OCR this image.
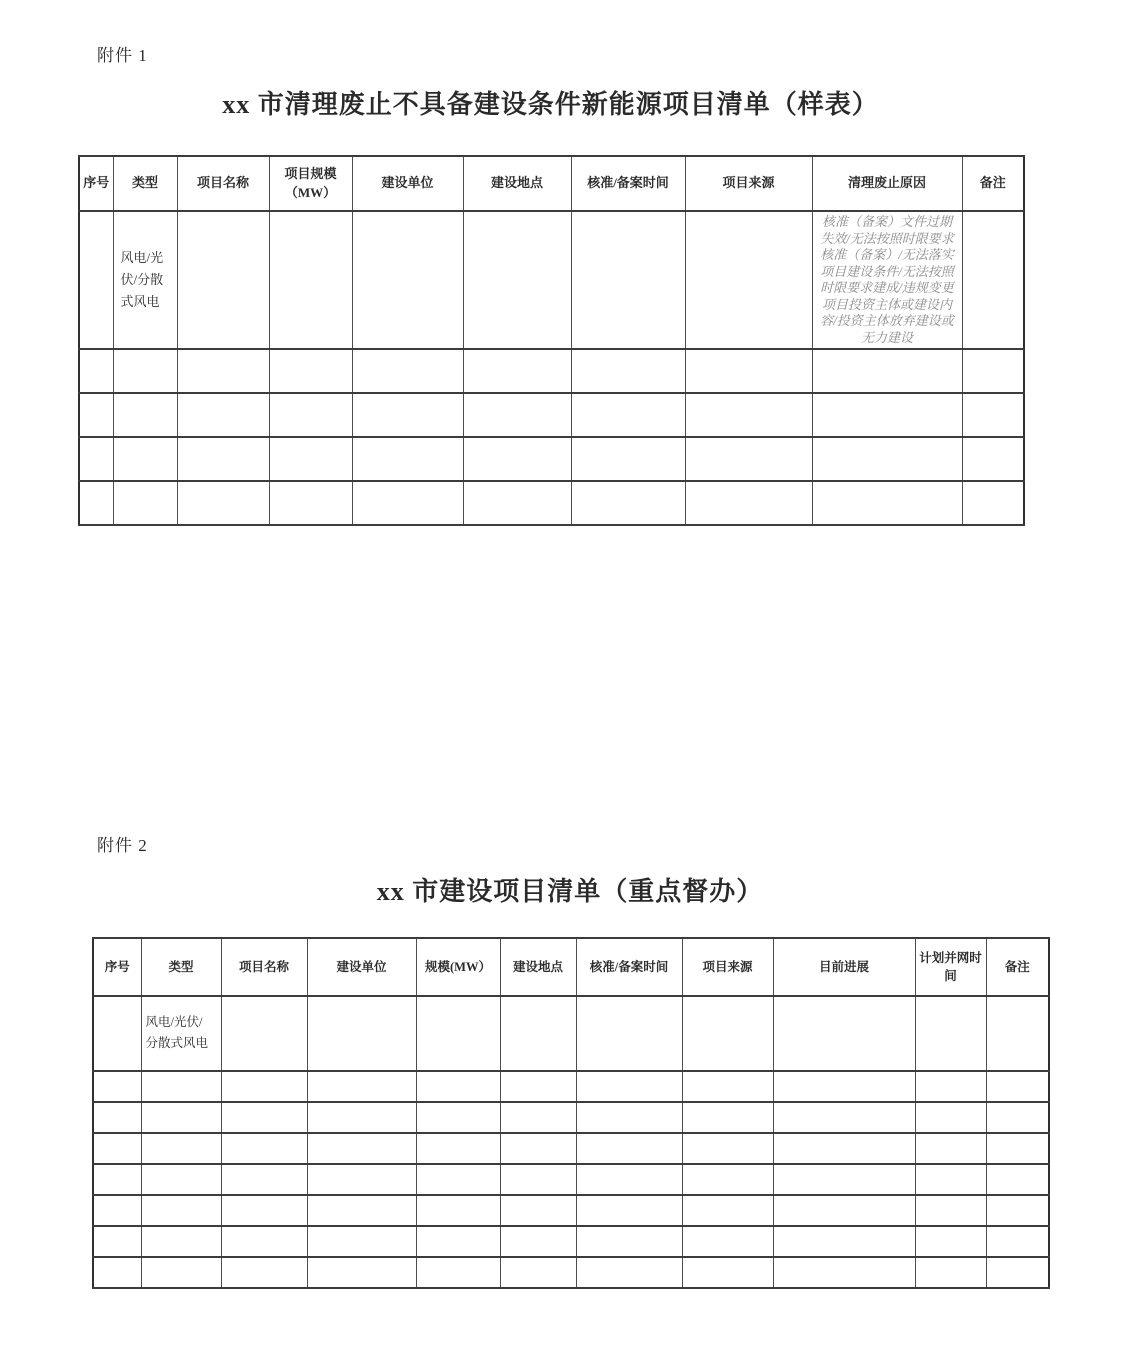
附件 1
xx 市清理废止不具备建设条件新能源项目清单（样表）
序号	类型	项目名称	项目规模（MW）	建设单位	建设地点	核准/备案时间	项目来源	清理废止原因	备注
	风电/光伏/分散式风电							核准（备案）文件过期失效/无法按照时限要求核准（备案）/无法落实项目建设条件/无法按照时限要求建成/违规变更项目投资主体或建设内容/投资主体放弃建设或无力建设	

附件 2
xx 市建设项目清单（重点督办）
序号	类型	项目名称	建设单位	规模(MW）	建设地点	核准/备案时间	项目来源	目前进展	计划并网时间	备注
	风电/光伏/分散式风电									
